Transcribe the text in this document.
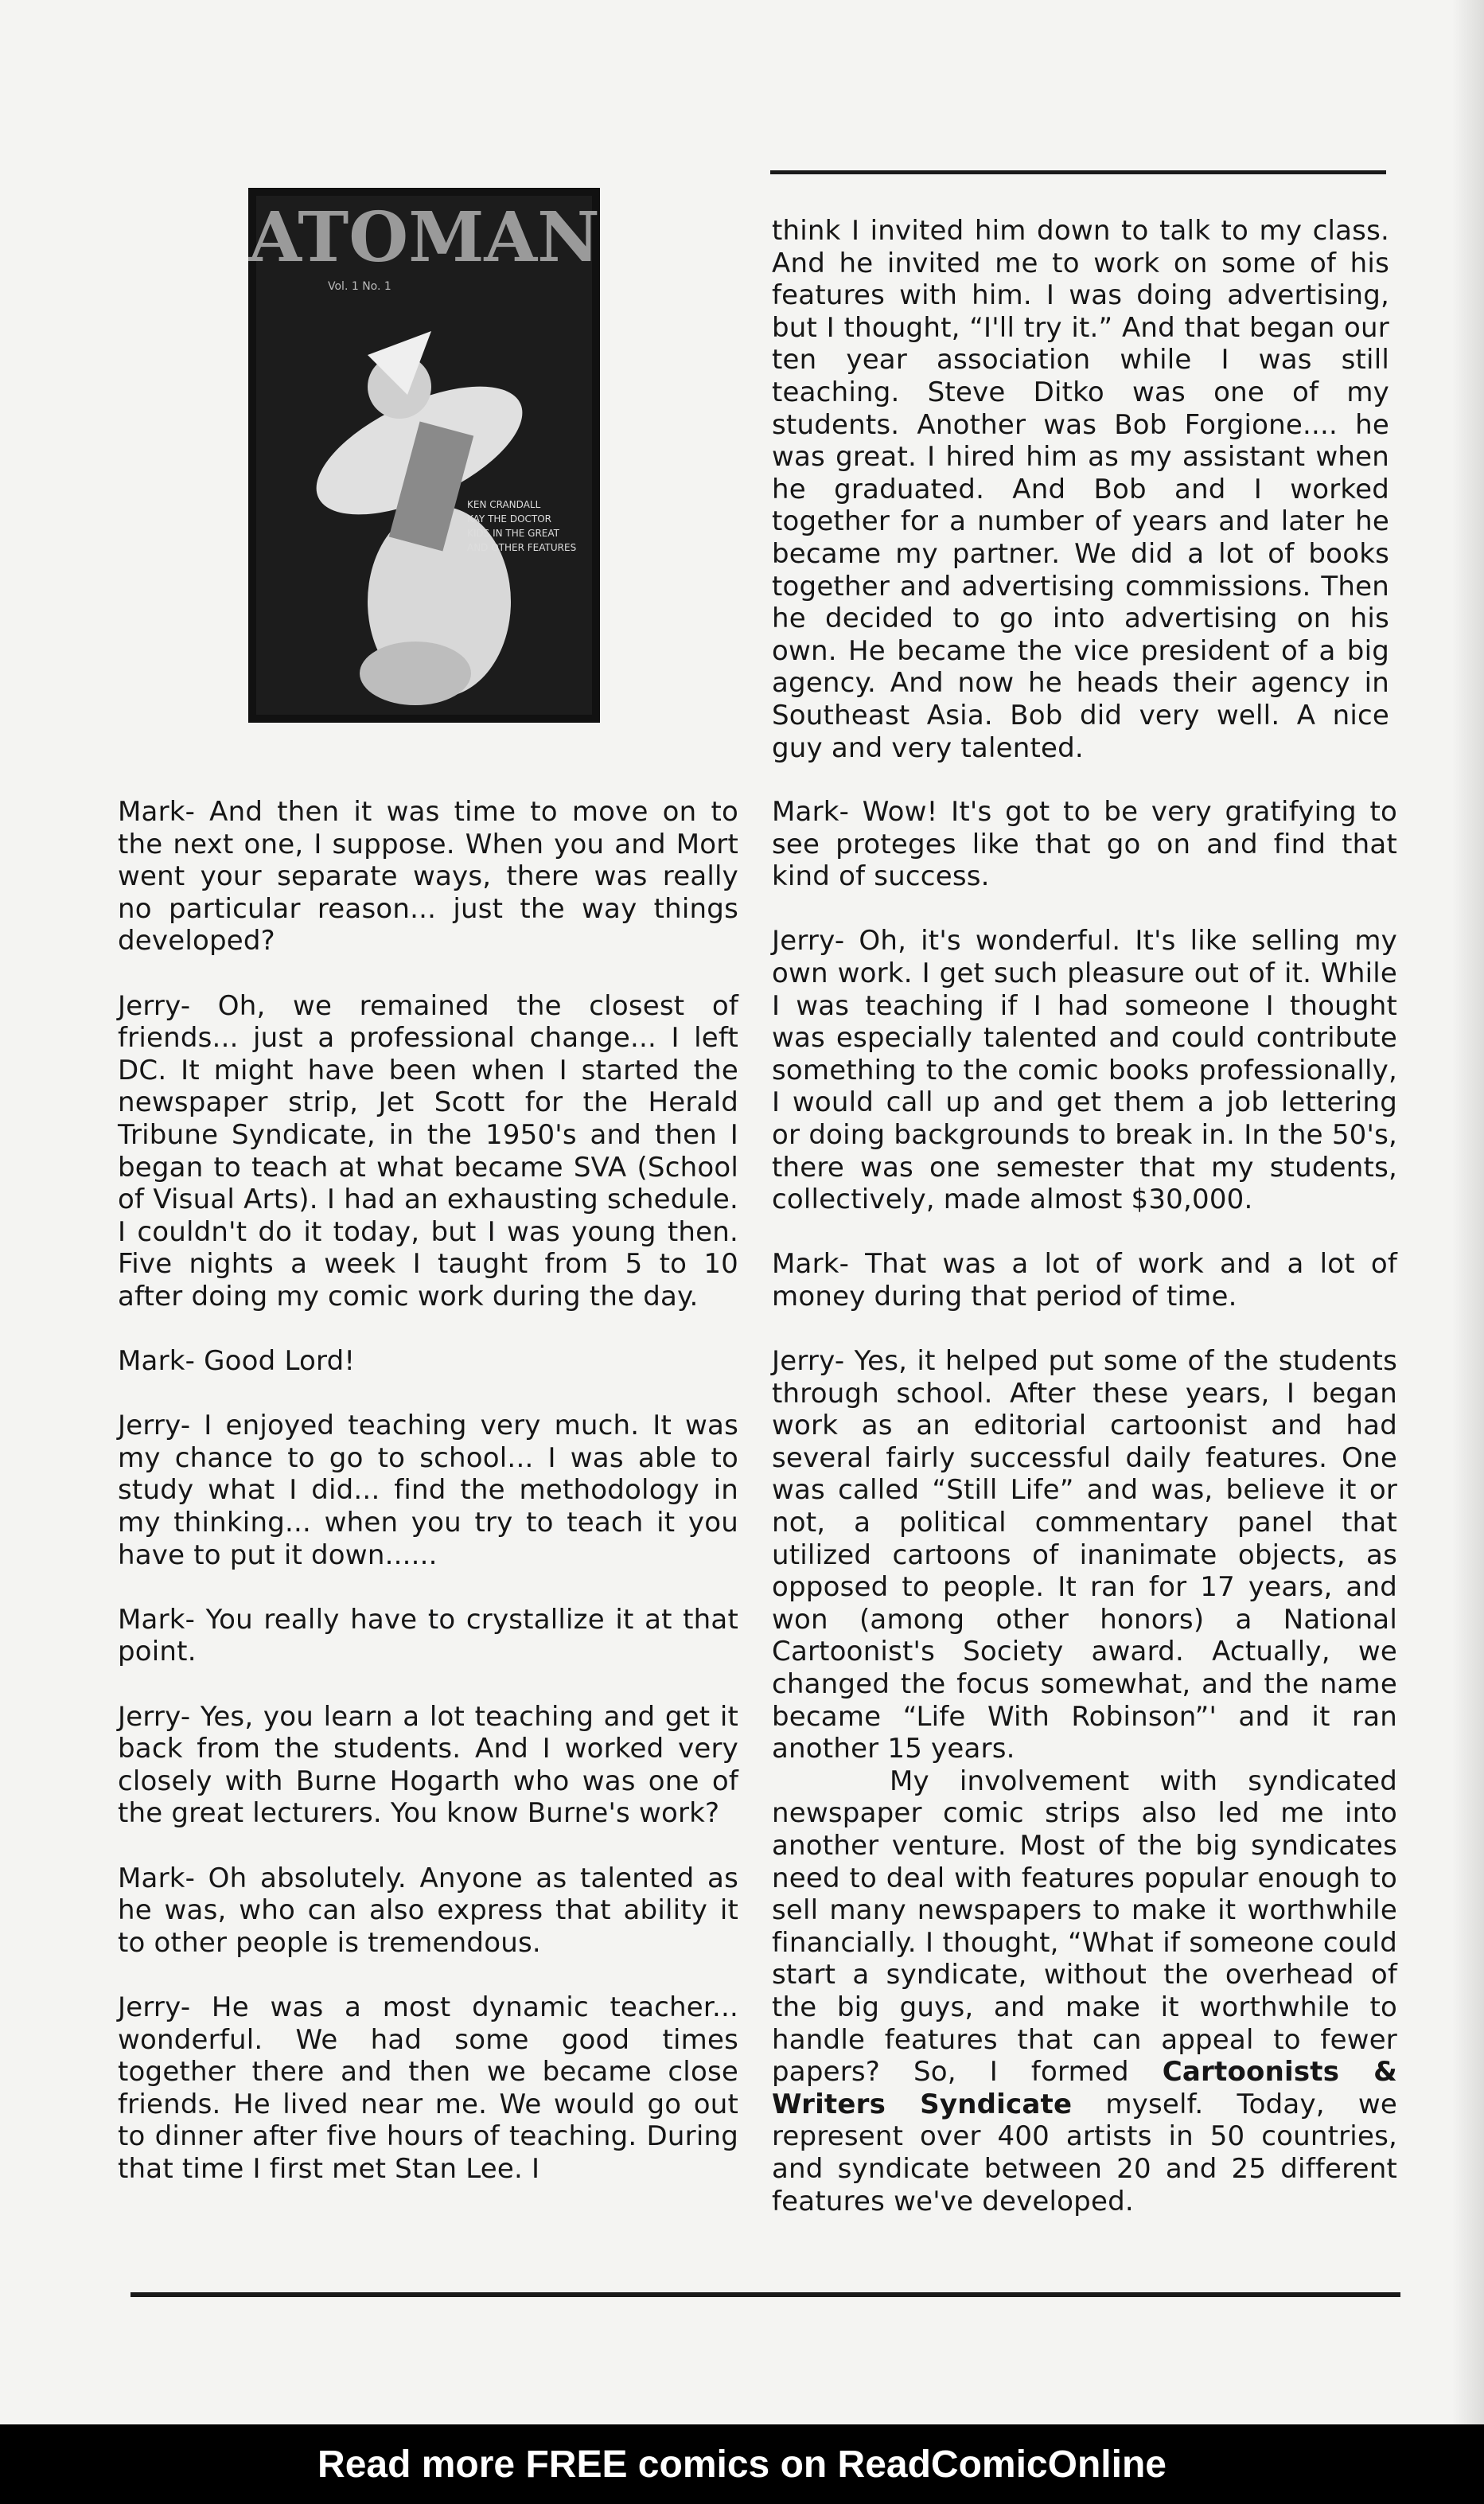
ATOMAN
Vol. 1 No. 1
KEN CRANDALL
KAY THE DOCTOR
KIDS IN THE GREAT
AND OTHER FEATURES

think I invited him down to talk to my class. And he invited me to work on some of his features with him. I was doing advertising, but I thought, “I'll try it.” And that began our ten year association while I was still teaching. Steve Ditko was one of my students. Another was Bob Forgione.... he was great. I hired him as my assistant when he graduated. And Bob and I worked together for a number of years and later he became my partner. We did a lot of books together and advertising commissions. Then he decided to go into advertising on his own. He became the vice president of a big agency. And now he heads their agency in Southeast Asia. Bob did very well. A nice guy and very talented.

Mark- And then it was time to move on to the next one, I suppose. When you and Mort went your separate ways, there was really no particular reason... just the way things developed?

Jerry- Oh, we remained the closest of friends... just a professional change... I left DC. It might have been when I started the newspaper strip, Jet Scott for the Herald Tribune Syndicate, in the 1950's and then I began to teach at what became SVA (School of Visual Arts). I had an exhausting schedule. I couldn't do it today, but I was young then. Five nights a week I taught from 5 to 10 after doing my comic work during the day.

Mark- Good Lord!

Jerry- I enjoyed teaching very much. It was my chance to go to school... I was able to study what I did... find the methodology in my thinking... when you try to teach it you have to put it down......

Mark- You really have to crystallize it at that point.

Jerry- Yes, you learn a lot teaching and get it back from the students. And I worked very closely with Burne Hogarth who was one of the great lecturers. You know Burne's work?

Mark- Oh absolutely. Anyone as talented as he was, who can also express that ability it to other people is tremendous.

Jerry- He was a most dynamic teacher... wonderful. We had some good times together there and then we became close friends. He lived near me. We would go out to dinner after five hours of teaching. During that time I first met Stan Lee. I

Mark- Wow! It's got to be very gratifying to see proteges like that go on and find that kind of success.

Jerry- Oh, it's wonderful. It's like selling my own work. I get such pleasure out of it. While I was teaching if I had someone I thought was especially talented and could contribute something to the comic books professionally, I would call up and get them a job lettering or doing backgrounds to break in. In the 50's, there was one semester that my students, collectively, made almost $30,000.

Mark- That was a lot of work and a lot of money during that period of time.

Jerry- Yes, it helped put some of the students through school. After these years, I began work as an editorial cartoonist and had several fairly successful daily features. One was called “Still Life” and was, believe it or not, a political commentary panel that utilized cartoons of inanimate objects, as opposed to people. It ran for 17 years, and won (among other honors) a National Cartoonist's Society award. Actually, we changed the focus somewhat, and the name became “Life With Robinson”' and it ran another 15 years.

My involvement with syndicated newspaper comic strips also led me into another venture. Most of the big syndicates need to deal with features popular enough to sell many newspapers to make it worthwhile financially. I thought, “What if someone could start a syndicate, without the overhead of the big guys, and make it worthwhile to handle features that can appeal to fewer papers? So, I formed Cartoonists & Writers Syndicate myself. Today, we represent over 400 artists in 50 countries, and syndicate between 20 and 25 different features we've developed.

Read more FREE comics on ReadComicOnline
